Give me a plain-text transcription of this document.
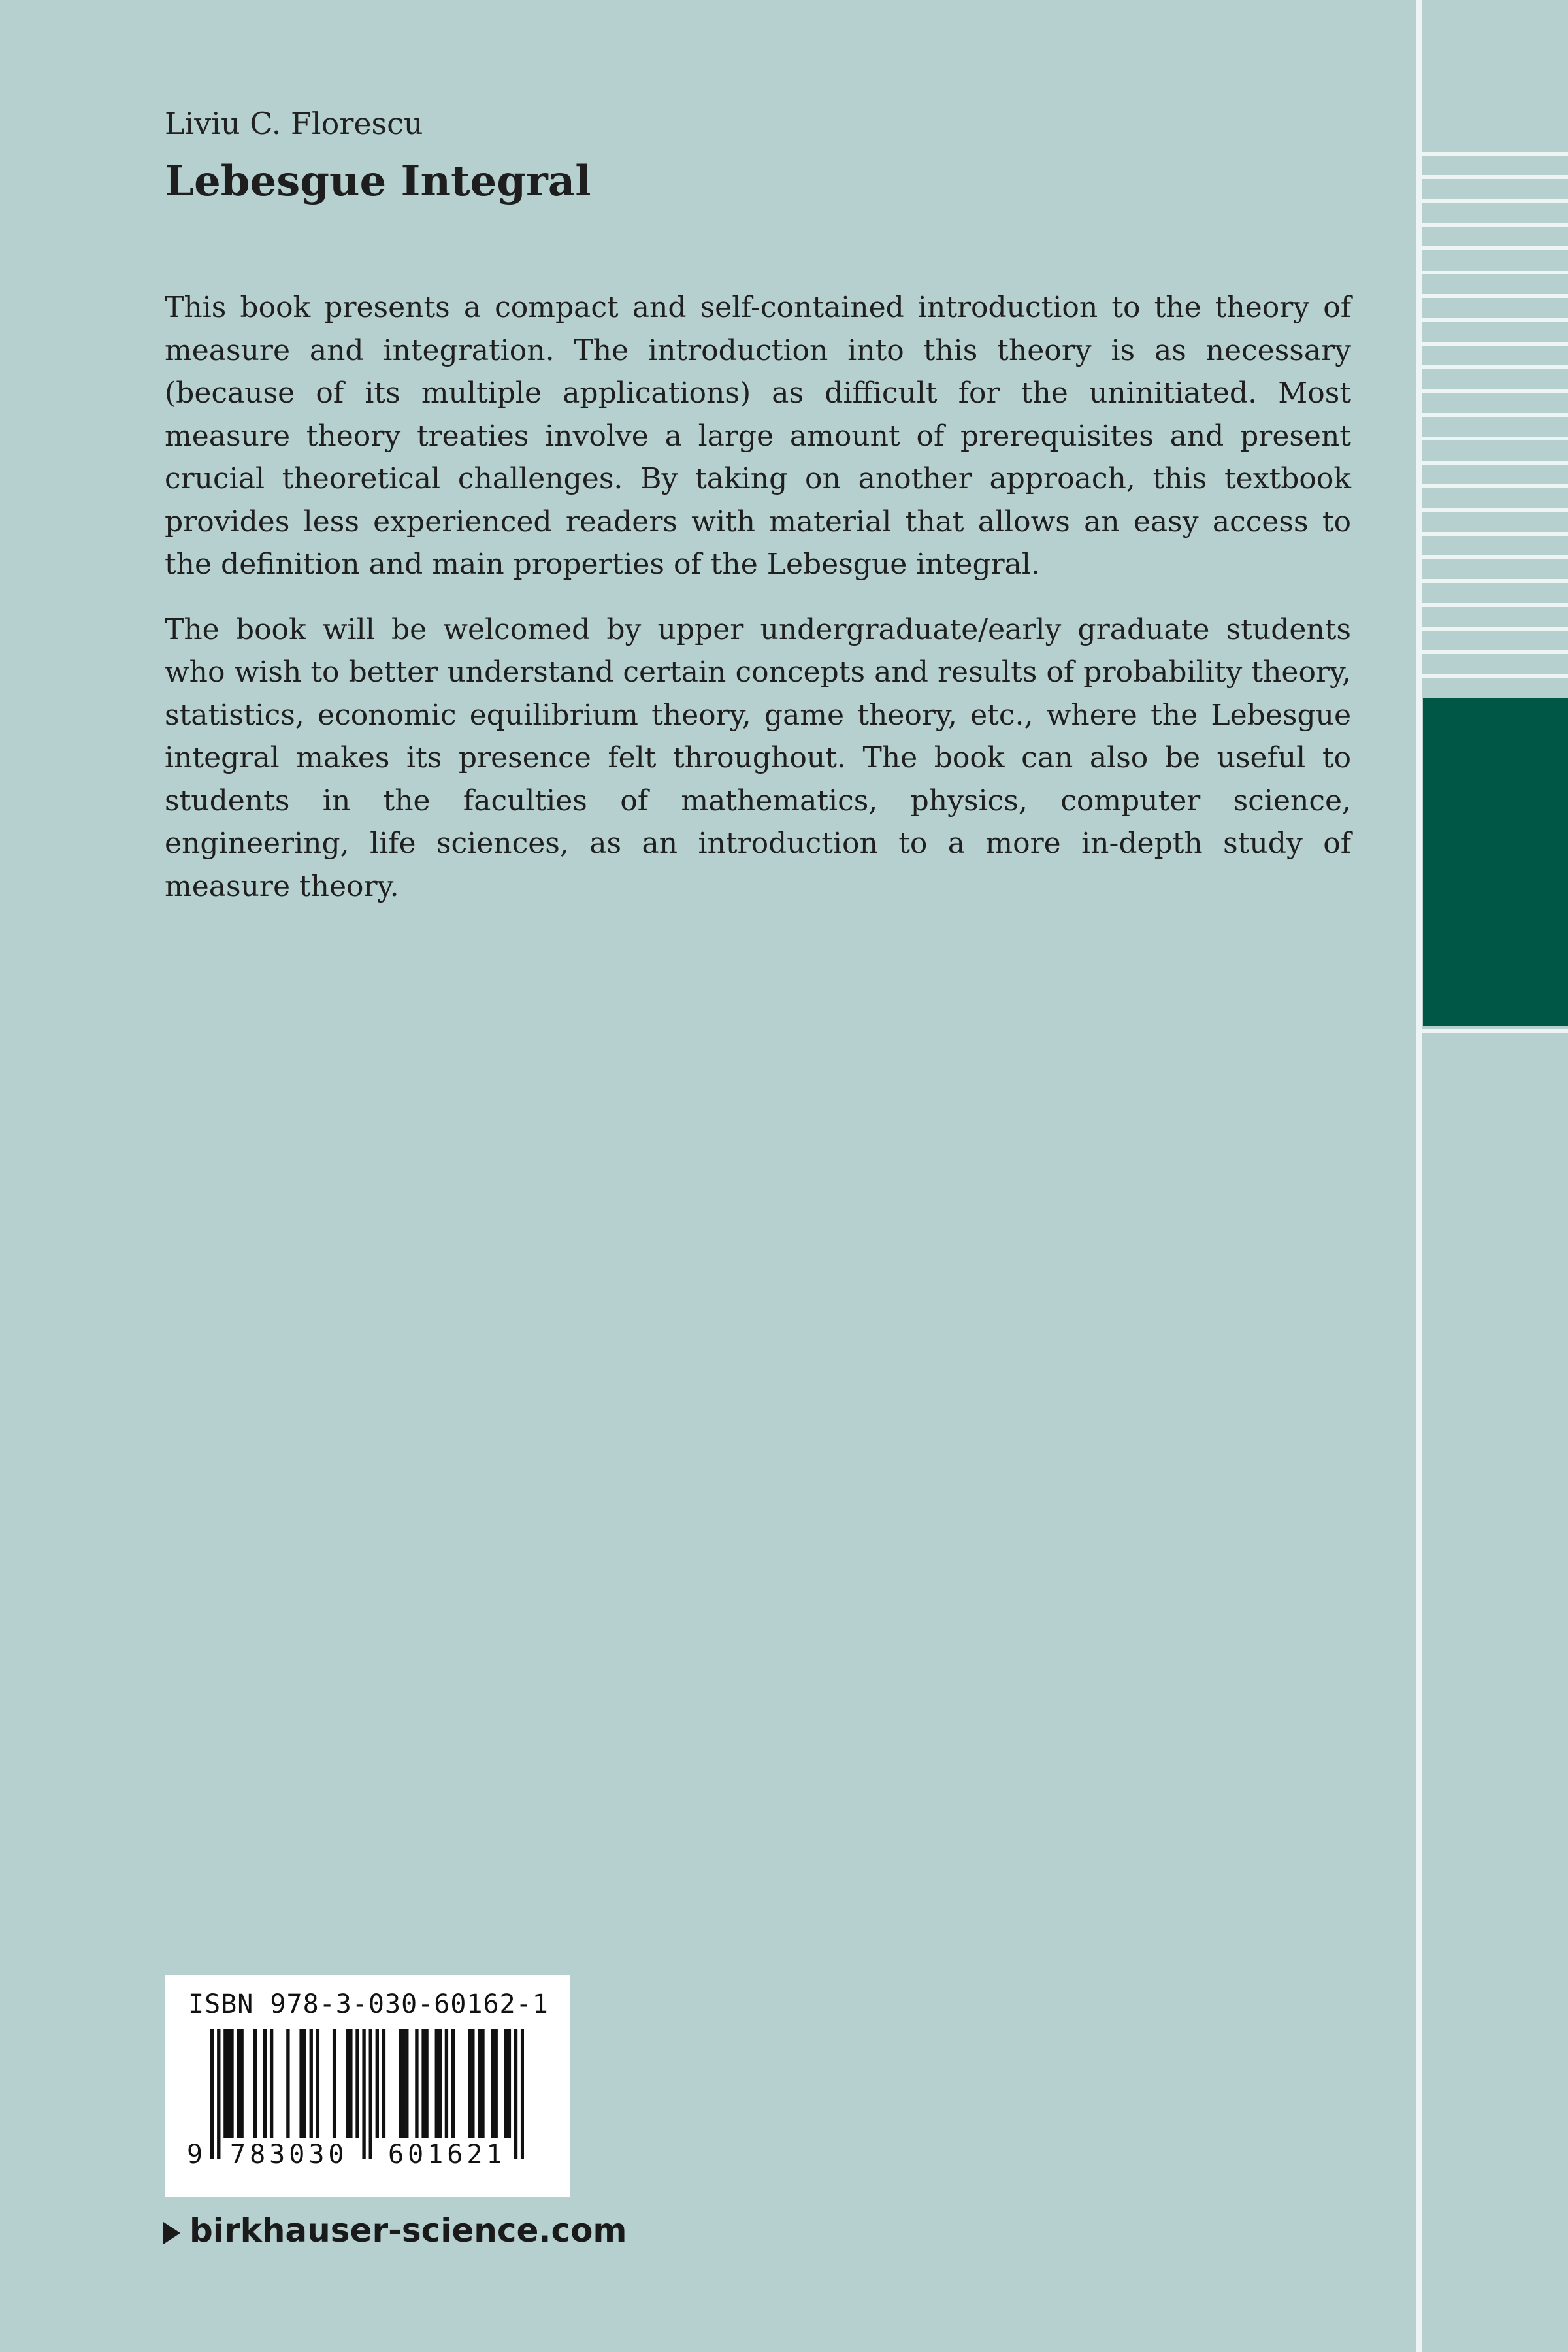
Liviu C. Florescu
Lebesgue Integral

This book presents a compact and self-contained introduction to the theory of measure and integration. The introduction into this theory is as necessary (because of its multiple applications) as difficult for the uninitiated. Most measure theory treaties involve a large amount of prerequisites and present crucial theoretical challenges. By taking on another approach, this textbook provides less experienced readers with material that allows an easy access to the definition and main properties of the Lebesgue integral.

The book will be welcomed by upper undergraduate/early graduate students who wish to better understand certain concepts and results of probability theory, statistics, economic equilibrium theory, game theory, etc., where the Lebesgue integral makes its presence felt throughout. The book can also be useful to students in the faculties of mathematics, physics, computer science, engineering, life sciences, as an introduction to a more in-depth study of measure theory.

ISBN 978-3-030-60162-1
9 783030 601621
birkhauser-science.com
